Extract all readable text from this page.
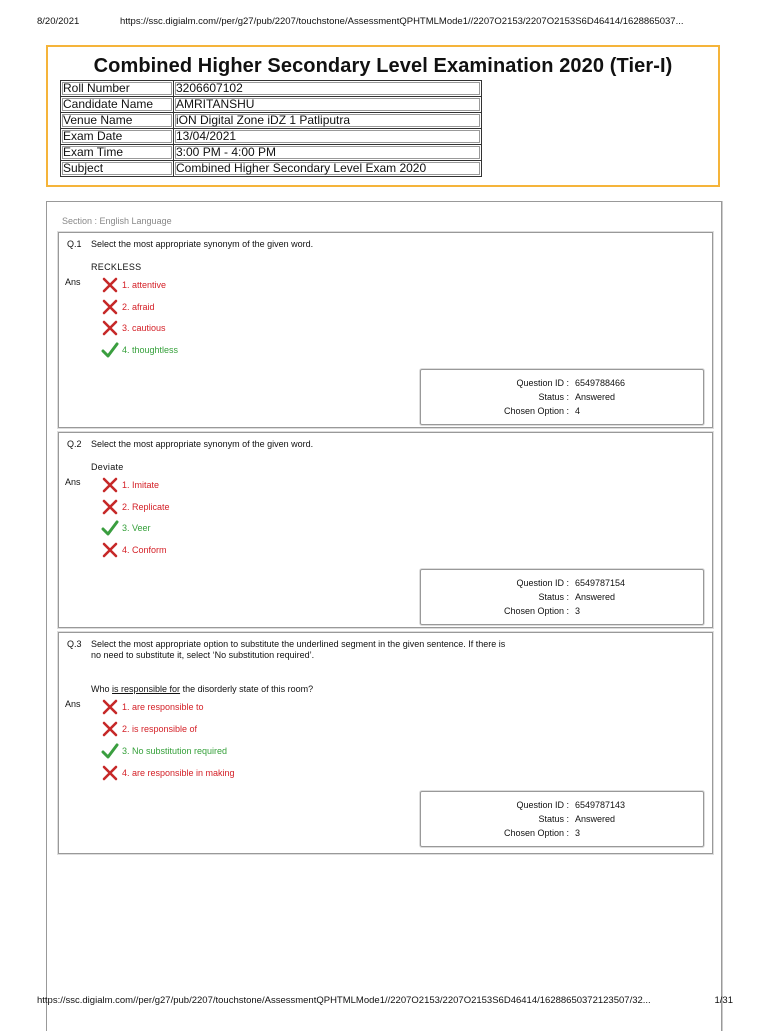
8/20/2021	https://ssc.digialm.com//per/g27/pub/2207/touchstone/AssessmentQPHTMLMode1//2207O2153/2207O2153S6D46414/1628865037...
Combined Higher Secondary Level Examination 2020 (Tier-I)
Roll Number	3206607102
Candidate Name	AMRITANSHU
Venue Name	iON Digital Zone iDZ 1 Patliputra
Exam Date	13/04/2021
Exam Time	3:00 PM - 4:00 PM
Subject	Combined Higher Secondary Level Exam 2020
Section : English Language
Q.1 Select the most appropriate synonym of the given word.
RECKLESS
Ans	1. attentive
2. afraid
3. cautious
4. thoughtless
Question ID : 6549788466
Status : Answered
Chosen Option : 4
Q.2 Select the most appropriate synonym of the given word.
Deviate
Ans	1. Imitate
2. Replicate
3. Veer
4. Conform
Question ID : 6549787154
Status : Answered
Chosen Option : 3
Q.3 Select the most appropriate option to substitute the underlined segment in the given sentence. If there is no need to substitute it, select ‘No substitution required’.
Who is responsible for the disorderly state of this room?
Ans	1. are responsible to
2. is responsible of
3. No substitution required
4. are responsible in making
Question ID : 6549787143
Status : Answered
Chosen Option : 3
https://ssc.digialm.com//per/g27/pub/2207/touchstone/AssessmentQPHTMLMode1//2207O2153/2207O2153S6D46414/16288650372123507/32...	1/31
